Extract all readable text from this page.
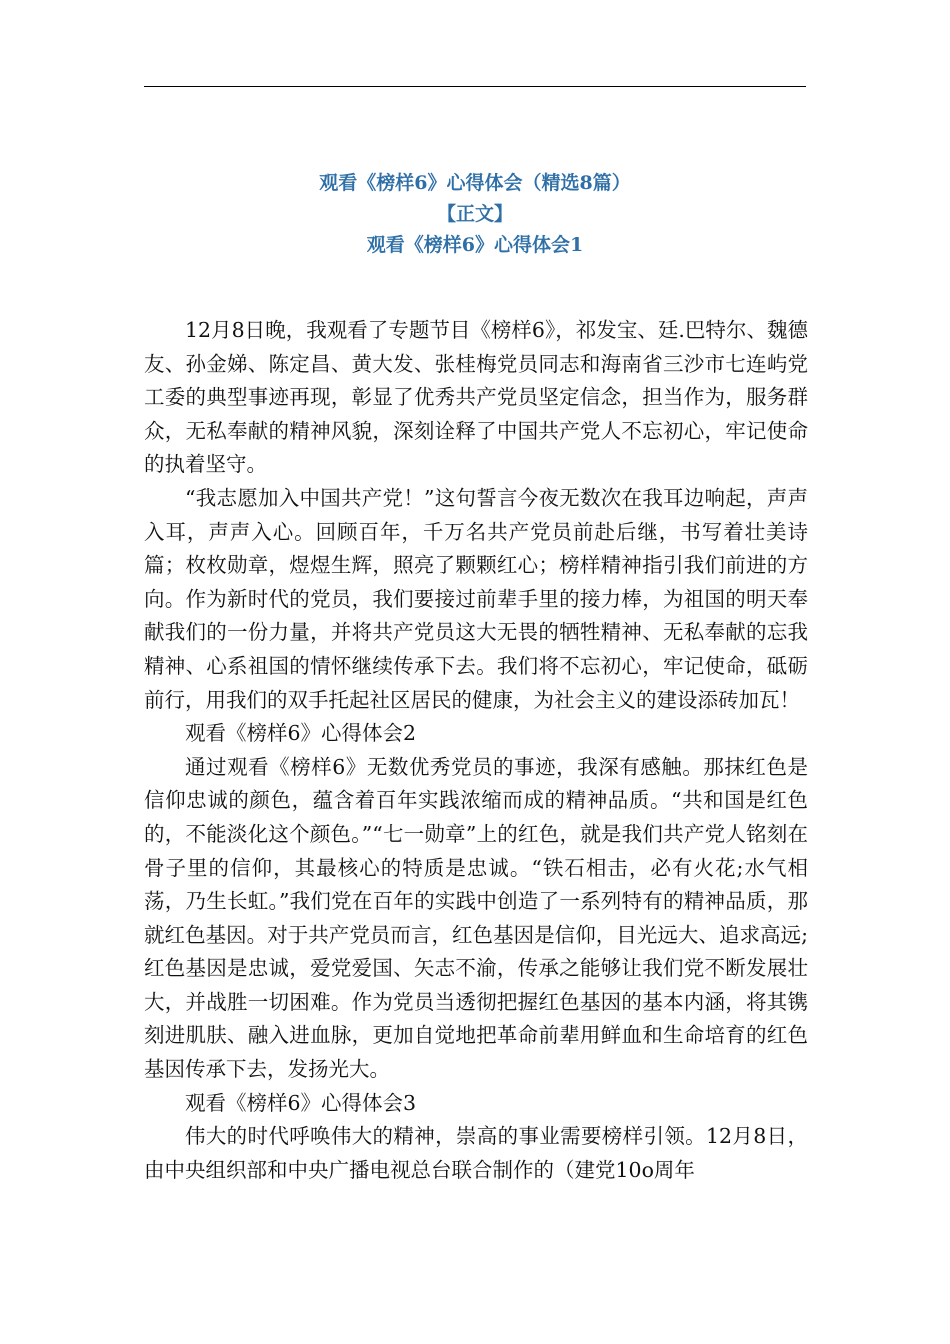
观看《榜样6》心得体会（精选8篇）
【正文】
观看《榜样6》心得体会1

12月8日晚，我观看了专题节目《榜样6》，祁发宝、廷.巴特尔、魏德友、孙金娣、陈定昌、黄大发、张桂梅党员同志和海南省三沙市七连屿党工委的典型事迹再现，彰显了优秀共产党员坚定信念，担当作为，服务群众，无私奉献的精神风貌，深刻诠释了中国共产党人不忘初心，牢记使命的执着坚守。

“我志愿加入中国共产党！”这句誓言今夜无数次在我耳边响起，声声入耳，声声入心。回顾百年，千万名共产党员前赴后继，书写着壮美诗篇；枚枚勋章，煜煜生辉，照亮了颗颗红心；榜样精神指引我们前进的方向。作为新时代的党员，我们要接过前辈手里的接力棒，为祖国的明天奉献我们的一份力量，并将共产党员这大无畏的牺牲精神、无私奉献的忘我精神、心系祖国的情怀继续传承下去。我们将不忘初心，牢记使命，砥砺前行，用我们的双手托起社区居民的健康，为社会主义的建设添砖加瓦！

观看《榜样6》心得体会2

通过观看《榜样6》无数优秀党员的事迹，我深有感触。那抹红色是信仰忠诚的颜色，蕴含着百年实践浓缩而成的精神品质。“共和国是红色的，不能淡化这个颜色。”“七一勋章”上的红色，就是我们共产党人铭刻在骨子里的信仰，其最核心的特质是忠诚。“铁石相击，必有火花;水气相荡，乃生长虹。”我们党在百年的实践中创造了一系列特有的精神品质，那就红色基因。对于共产党员而言，红色基因是信仰，目光远大、追求高远;红色基因是忠诚，爱党爱国、矢志不渝，传承之能够让我们党不断发展壮大，并战胜一切困难。作为党员当透彻把握红色基因的基本内涵，将其镌刻进肌肤、融入进血脉，更加自觉地把革命前辈用鲜血和生命培育的红色基因传承下去，发扬光大。

观看《榜样6》心得体会3

伟大的时代呼唤伟大的精神，崇高的事业需要榜样引领。12月8日，由中央组织部和中央广播电视总台联合制作的（建党10o周年
